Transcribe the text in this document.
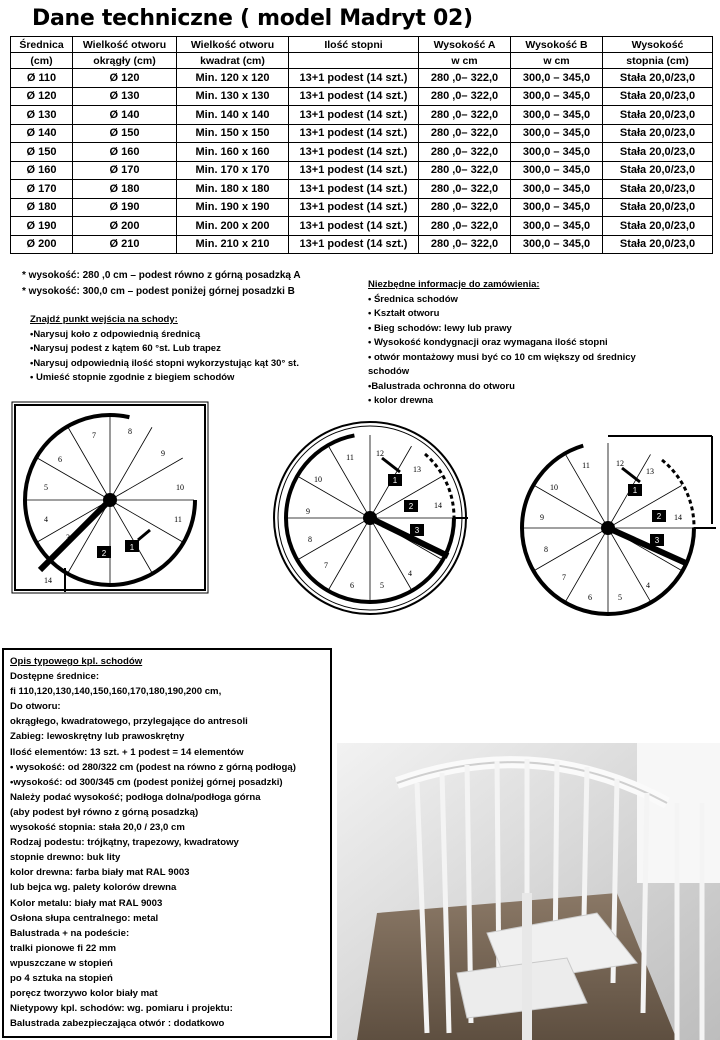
Dane techniczne ( model Madryt 02)
Średnica	Wielkość otworu	Wielkość otworu	Ilość stopni	Wysokość A	Wysokość B	Wysokość
(cm)	okrągły (cm)	kwadrat (cm)		w cm	w cm	stopnia (cm)
Ø 110	Ø 120	Min. 120 x 120	13+1 podest (14 szt.)	280 ,0– 322,0	300,0 – 345,0	Stała 20,0/23,0
Ø 120	Ø 130	Min. 130 x 130	13+1 podest (14 szt.)	280 ,0– 322,0	300,0 – 345,0	Stała 20,0/23,0
Ø 130	Ø 140	Min. 140 x 140	13+1 podest (14 szt.)	280 ,0– 322,0	300,0 – 345,0	Stała 20,0/23,0
Ø 140	Ø 150	Min. 150 x 150	13+1 podest (14 szt.)	280 ,0– 322,0	300,0 – 345,0	Stała 20,0/23,0
Ø 150	Ø 160	Min. 160 x 160	13+1 podest (14 szt.)	280 ,0– 322,0	300,0 – 345,0	Stała 20,0/23,0
Ø 160	Ø 170	Min. 170 x 170	13+1 podest (14 szt.)	280 ,0– 322,0	300,0 – 345,0	Stała 20,0/23,0
Ø 170	Ø 180	Min. 180 x 180	13+1 podest (14 szt.)	280 ,0– 322,0	300,0 – 345,0	Stała 20,0/23,0
Ø 180	Ø 190	Min. 190 x 190	13+1 podest (14 szt.)	280 ,0– 322,0	300,0 – 345,0	Stała 20,0/23,0
Ø 190	Ø 200	Min. 200 x 200	13+1 podest (14 szt.)	280 ,0– 322,0	300,0 – 345,0	Stała 20,0/23,0
Ø 200	Ø 210	Min. 210 x 210	13+1 podest (14 szt.)	280 ,0– 322,0	300,0 – 345,0	Stała 20,0/23,0
* wysokość: 280 ,0 cm – podest równo z górną posadzką A
* wysokość: 300,0 cm – podest poniżej górnej posadzki B
Znajdź punkt wejścia na schody:
•Narysuj koło z odpowiednią średnicą
•Narysuj podest z kątem 60 °st. Lub trapez
•Narysuj odpowiednią ilość stopni wykorzystując kąt 30° st.
• Umieść stopnie zgodnie z biegiem schodów
Niezbędne informacje do zamówienia:
• Średnica schodów
• Kształt otworu
• Bieg schodów: lewy lub prawy
• Wysokość kondygnacji oraz wymagana ilość stopni
• otwór montażowy musi być co 10 cm większy od średnicy
schodów
•Balustrada ochronna do otworu
• kolor drewna
1
2
3
4
5
6
7	8
9
10
11
14
1
2
3
4
5
6
7
8
9
10
11	12
13
14
1
2
3
4
5
6
7
8
9
10
11	12
13
14
Opis typowego kpl. schodów
Dostępne średnice:
fi 110,120,130,140,150,160,170,180,190,200 cm,
Do otworu:
okrągłego, kwadratowego, przylegające do antresoli
Zabieg: lewoskrętny lub prawoskrętny
Ilość elementów: 13 szt. + 1 podest = 14 elementów
• wysokość: od 280/322 cm (podest na równo z górną podłogą)
•wysokość: od 300/345 cm (podest poniżej górnej posadzki)
Należy podać wysokość; podłoga dolna/podłoga górna
(aby podest był równo z górną posadzką)
wysokość stopnia: stała 20,0 / 23,0 cm
Rodzaj podestu: trójkątny, trapezowy, kwadratowy
stopnie drewno: buk lity
kolor drewna: farba biały mat RAL 9003
lub bejca wg. palety kolorów drewna
Kolor metalu: biały mat RAL 9003
Osłona słupa centralnego: metal
Balustrada + na podeście:
tralki pionowe fi 22 mm
wpuszczane w stopień
po 4 sztuka na stopień
poręcz tworzywo kolor biały mat
Nietypowy kpl. schodów: wg. pomiaru i projektu:
Balustrada zabezpieczająca otwór : dodatkowo
